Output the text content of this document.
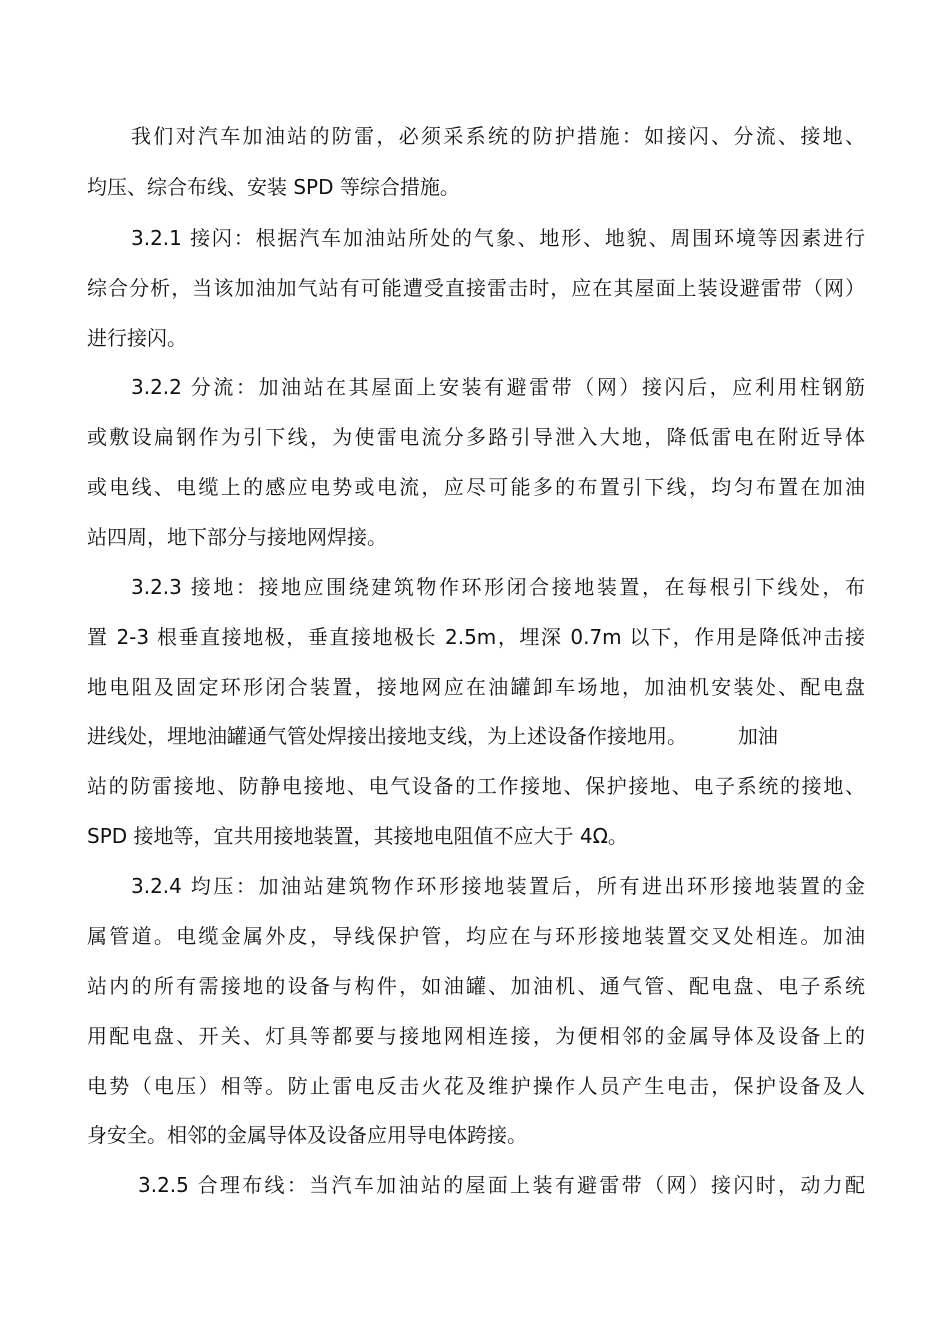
我们对汽车加油站的防雷，必须采系统的防护措施：如接闪、分流、接地、
均压、综合布线、安装 SPD 等综合措施。
3.2.1 接闪：根据汽车加油站所处的气象、地形、地貌、周围环境等因素进行
综合分析，当该加油加气站有可能遭受直接雷击时，应在其屋面上装设避雷带（网）
进行接闪。
3.2.2 分流：加油站在其屋面上安装有避雷带（网）接闪后，应利用柱钢筋
或敷设扁钢作为引下线，为使雷电流分多路引导泄入大地，降低雷电在附近导体
或电线、电缆上的感应电势或电流，应尽可能多的布置引下线，均匀布置在加油
站四周，地下部分与接地网焊接。
3.2.3 接地：接地应围绕建筑物作环形闭合接地装置，在每根引下线处，布
置 2-3 根垂直接地极，垂直接地极长 2.5m，埋深 0.7m 以下，作用是降低冲击接
地电阻及固定环形闭合装置，接地网应在油罐卸车场地，加油机安装处、配电盘
进线处，埋地油罐通气管处焊接出接地支线，为上述设备作接地用。        加油
站的防雷接地、防静电接地、电气设备的工作接地、保护接地、电子系统的接地、
SPD 接地等，宜共用接地装置，其接地电阻值不应大于 4Ω。
3.2.4 均压：加油站建筑物作环形接地装置后，所有进出环形接地装置的金
属管道。电缆金属外皮，导线保护管，均应在与环形接地装置交叉处相连。加油
站内的所有需接地的设备与构件，如油罐、加油机、通气管、配电盘、电子系统
用配电盘、开关、灯具等都要与接地网相连接，为便相邻的金属导体及设备上的
电势（电压）相等。防止雷电反击火花及维护操作人员产生电击，保护设备及人
身安全。相邻的金属导体及设备应用导电体跨接。
3.2.5 合理布线：当汽车加油站的屋面上装有避雷带（网）接闪时，动力配
